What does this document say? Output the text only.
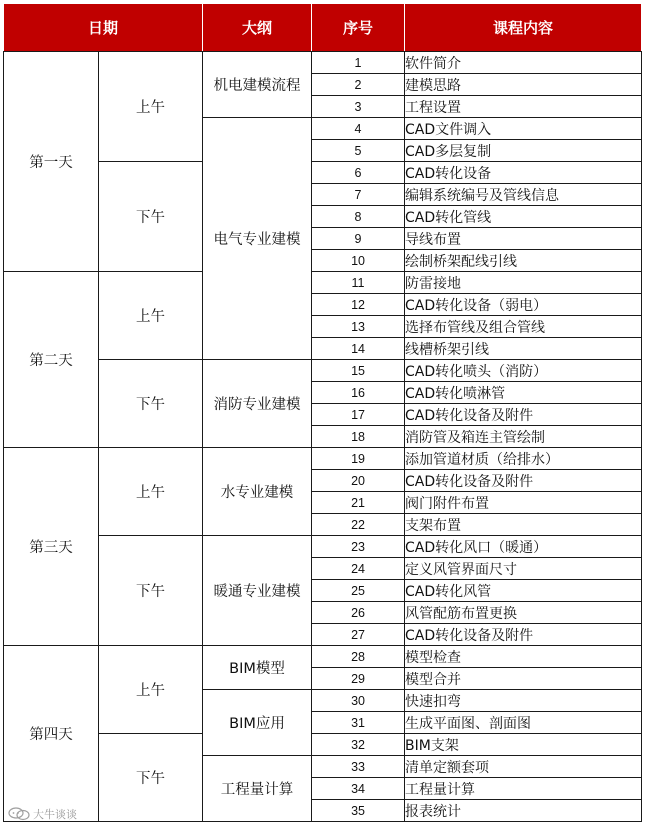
日期		大纲	序号	课程内容
第一天	上午	机电建模流程	1	软件简介
			2	建模思路
			3	工程设置
		电气专业建模	4	CAD文件调入
			5	CAD多层复制
	下午		6	CAD转化设备
			7	编辑系统编号及管线信息
			8	CAD转化管线
			9	导线布置
			10	绘制桥架配线引线
第二天	上午		11	防雷接地
			12	CAD转化设备（弱电）
			13	选择布管线及组合管线
			14	线槽桥架引线
	下午	消防专业建模	15	CAD转化喷头（消防）
			16	CAD转化喷淋管
			17	CAD转化设备及附件
			18	消防管及箱连主管绘制
第三天	上午	水专业建模	19	添加管道材质（给排水）
			20	CAD转化设备及附件
			21	阀门附件布置
			22	支架布置
	下午	暖通专业建模	23	CAD转化风口（暖通）
			24	定义风管界面尺寸
			25	CAD转化风管
			26	风管配筋布置更换
			27	CAD转化设备及附件
第四天	上午	BIM模型	28	模型检查
			29	模型合并
		BIM应用	30	快速扣弯
			31	生成平面图、剖面图
	下午		32	BIM支架
		工程量计算	33	清单定额套项
			34	工程量计算
			35	报表统计
大牛谈谈
